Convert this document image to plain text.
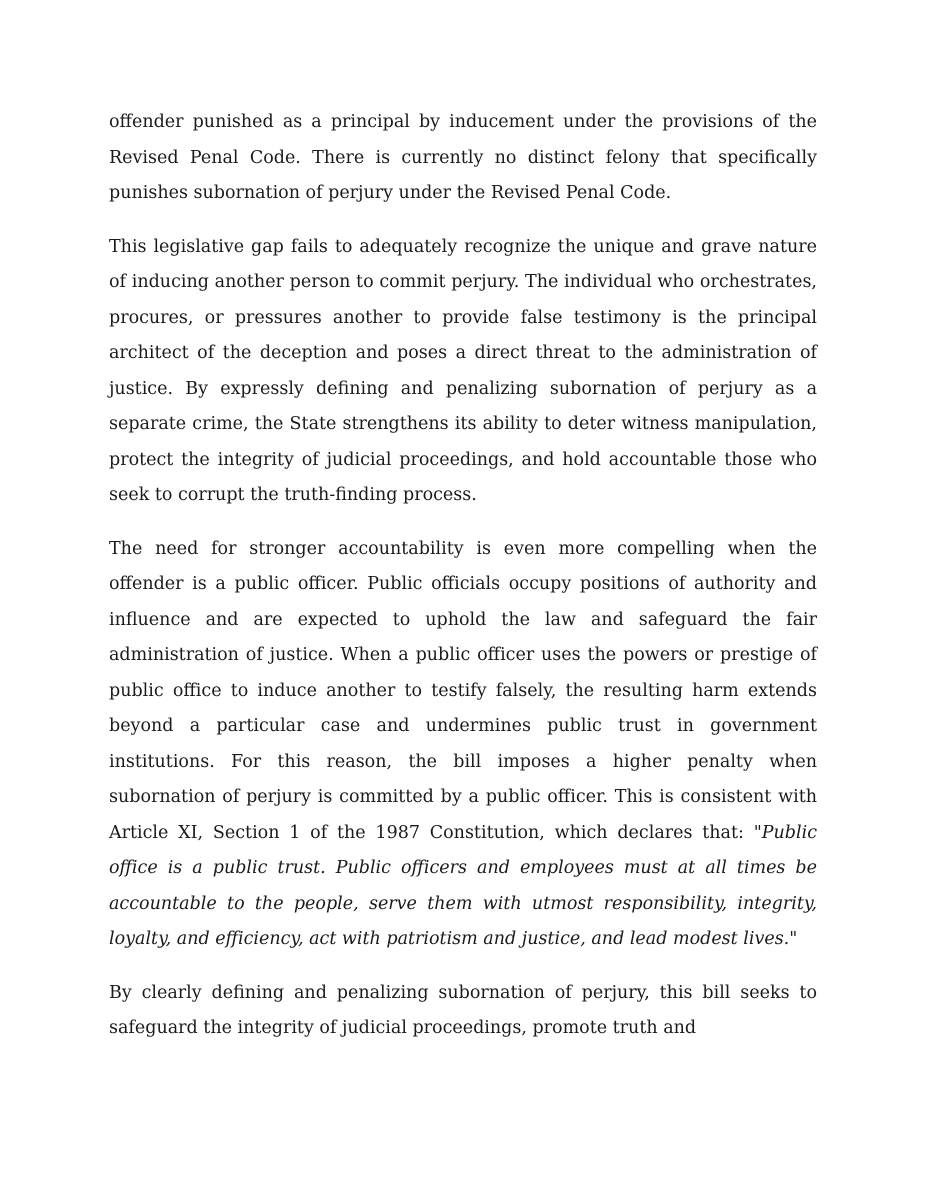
offender punished as a principal by inducement under the provisions of the Revised Penal Code. There is currently no distinct felony that specifically punishes subornation of perjury under the Revised Penal Code.

This legislative gap fails to adequately recognize the unique and grave nature of inducing another person to commit perjury. The individual who orchestrates, procures, or pressures another to provide false testimony is the principal architect of the deception and poses a direct threat to the administration of justice. By expressly defining and penalizing subornation of perjury as a separate crime, the State strengthens its ability to deter witness manipulation, protect the integrity of judicial proceedings, and hold accountable those who seek to corrupt the truth-finding process.

The need for stronger accountability is even more compelling when the offender is a public officer. Public officials occupy positions of authority and influence and are expected to uphold the law and safeguard the fair administration of justice. When a public officer uses the powers or prestige of public office to induce another to testify falsely, the resulting harm extends beyond a particular case and undermines public trust in government institutions. For this reason, the bill imposes a higher penalty when subornation of perjury is committed by a public officer. This is consistent with Article XI, Section 1 of the 1987 Constitution, which declares that: "Public office is a public trust. Public officers and employees must at all times be accountable to the people, serve them with utmost responsibility, integrity, loyalty, and efficiency, act with patriotism and justice, and lead modest lives."

By clearly defining and penalizing subornation of perjury, this bill seeks to safeguard the integrity of judicial proceedings, promote truth and
